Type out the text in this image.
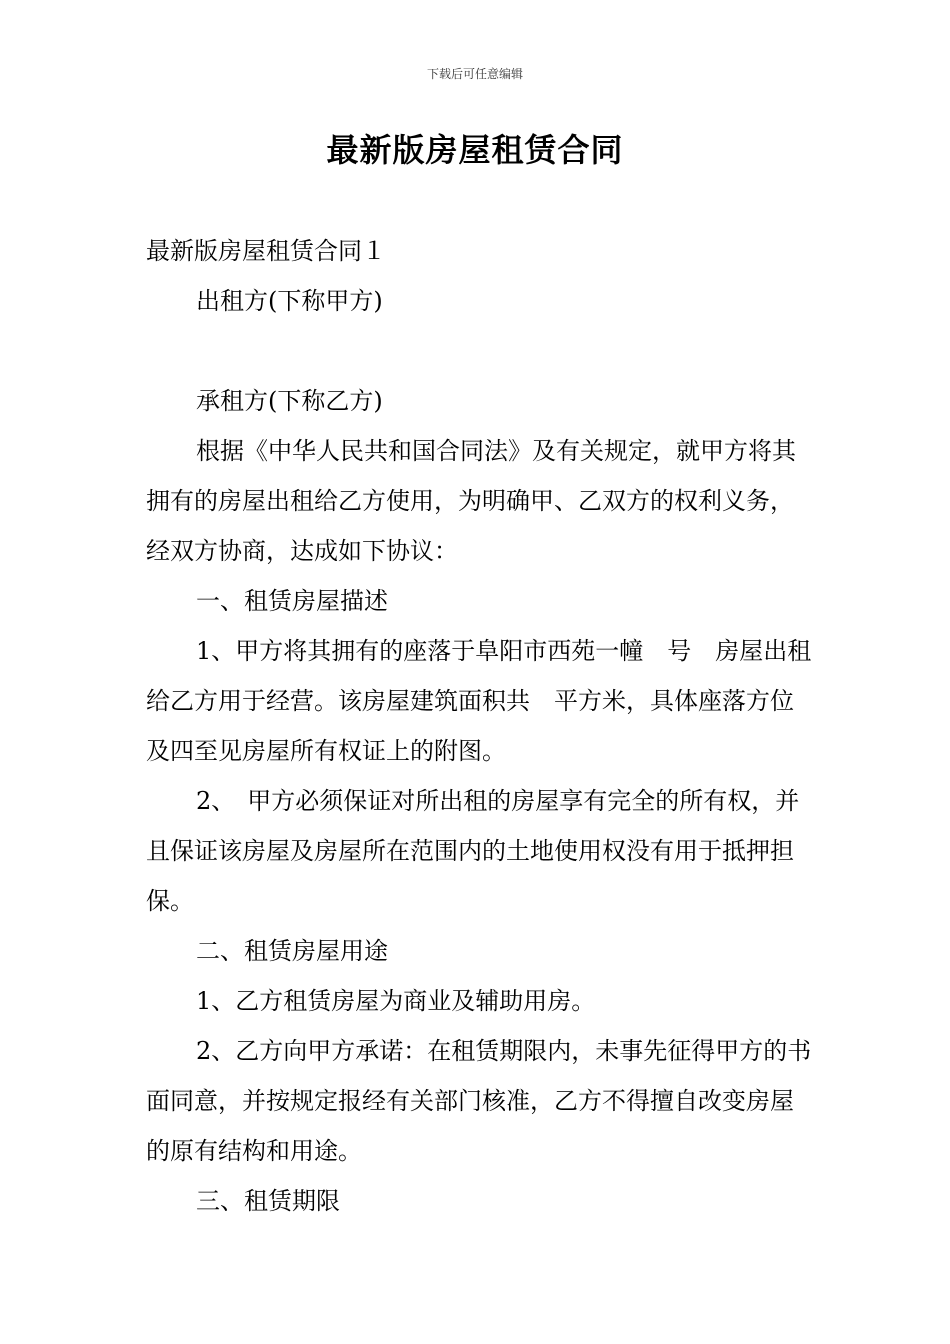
下载后可任意编辑
最新版房屋租赁合同

最新版房屋租赁合同１

出租方(下称甲方)

承租方(下称乙方)

根据《中华人民共和国合同法》及有关规定，就甲方将其拥有的房屋出租给乙方使用，为明确甲、乙双方的权利义务，经双方协商，达成如下协议：

一、租赁房屋描述

1、甲方将其拥有的座落于阜阳市西苑一幢　号　房屋出租给乙方用于经营。该房屋建筑面积共　平方米，具体座落方位及四至见房屋所有权证上的附图。

2、　甲方必须保证对所出租的房屋享有完全的所有权，并且保证该房屋及房屋所在范围内的土地使用权没有用于抵押担保。

二、租赁房屋用途

1、乙方租赁房屋为商业及辅助用房。

2、乙方向甲方承诺：在租赁期限内，未事先征得甲方的书面同意，并按规定报经有关部门核准，乙方不得擅自改变房屋的原有结构和用途。

三、租赁期限
